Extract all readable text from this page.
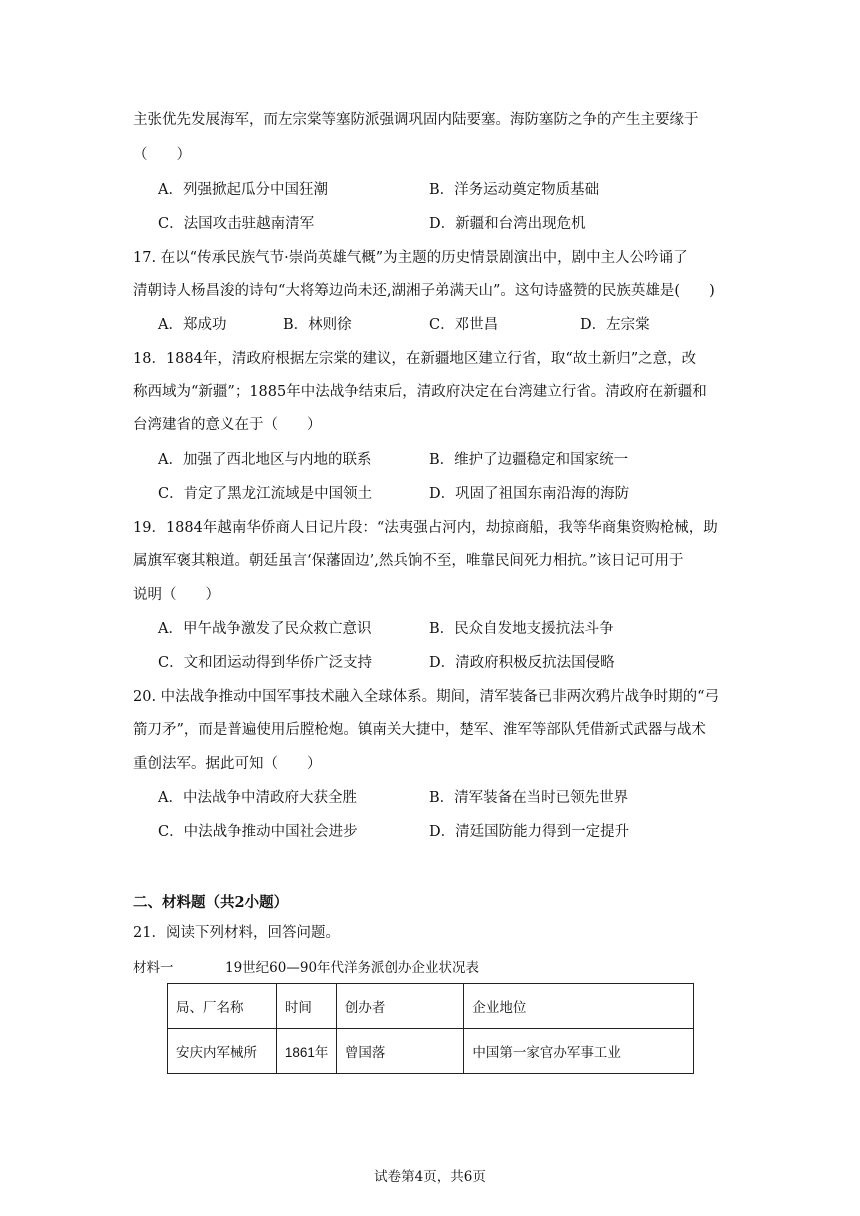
主张优先发展海军，而左宗棠等塞防派强调巩固内陆要塞。海防塞防之争的产生主要缘于
（　　）
A．列强掀起瓜分中国狂潮	B．洋务运动奠定物质基础
C．法国攻击驻越南清军	D．新疆和台湾出现危机
17. 在以“传承民族气节·崇尚英雄气概”为主题的历史情景剧演出中，剧中主人公吟诵了
清朝诗人杨昌浚的诗句“大将筹边尚未还,湖湘子弟满天山”。这句诗盛赞的民族英雄是(　　)
A．郑成功	B．林则徐	C．邓世昌	D．左宗棠
18．1884年，清政府根据左宗棠的建议，在新疆地区建立行省，取“故土新归”之意，改
称西域为“新疆”；1885年中法战争结束后，清政府决定在台湾建立行省。清政府在新疆和
台湾建省的意义在于（　　）
A．加强了西北地区与内地的联系	B．维护了边疆稳定和国家统一
C．肯定了黑龙江流域是中国领土	D．巩固了祖国东南沿海的海防
19．1884年越南华侨商人日记片段：“法夷强占河内，劫掠商船，我等华商集资购枪械，助
属旗军褒其粮道。朝廷虽言‘保藩固边’,然兵饷不至，唯靠民间死力相抗。”该日记可用于
说明（　　）
A．甲午战争激发了民众救亡意识	B．民众自发地支援抗法斗争
C．文和团运动得到华侨广泛支持	D．清政府积极反抗法国侵略
20. 中法战争推动中国军事技术融入全球体系。期间，清军装备已非两次鸦片战争时期的“弓
箭刀矛”，而是普遍使用后膛枪炮。镇南关大捷中，楚军、淮军等部队凭借新式武器与战术
重创法军。据此可知（　　）
A．中法战争中清政府大获全胜	B．清军装备在当时已领先世界
C．中法战争推动中国社会进步	D．清廷国防能力得到一定提升
二、材料题（共2小题）
21．阅读下列材料，回答问题。
材料一	19世纪60—90年代洋务派创办企业状况表
局、厂名称	时间	创办者	企业地位
安庆内军械所	1861年	曾国落	中国第一家官办军事工业
试卷第4页，共6页
